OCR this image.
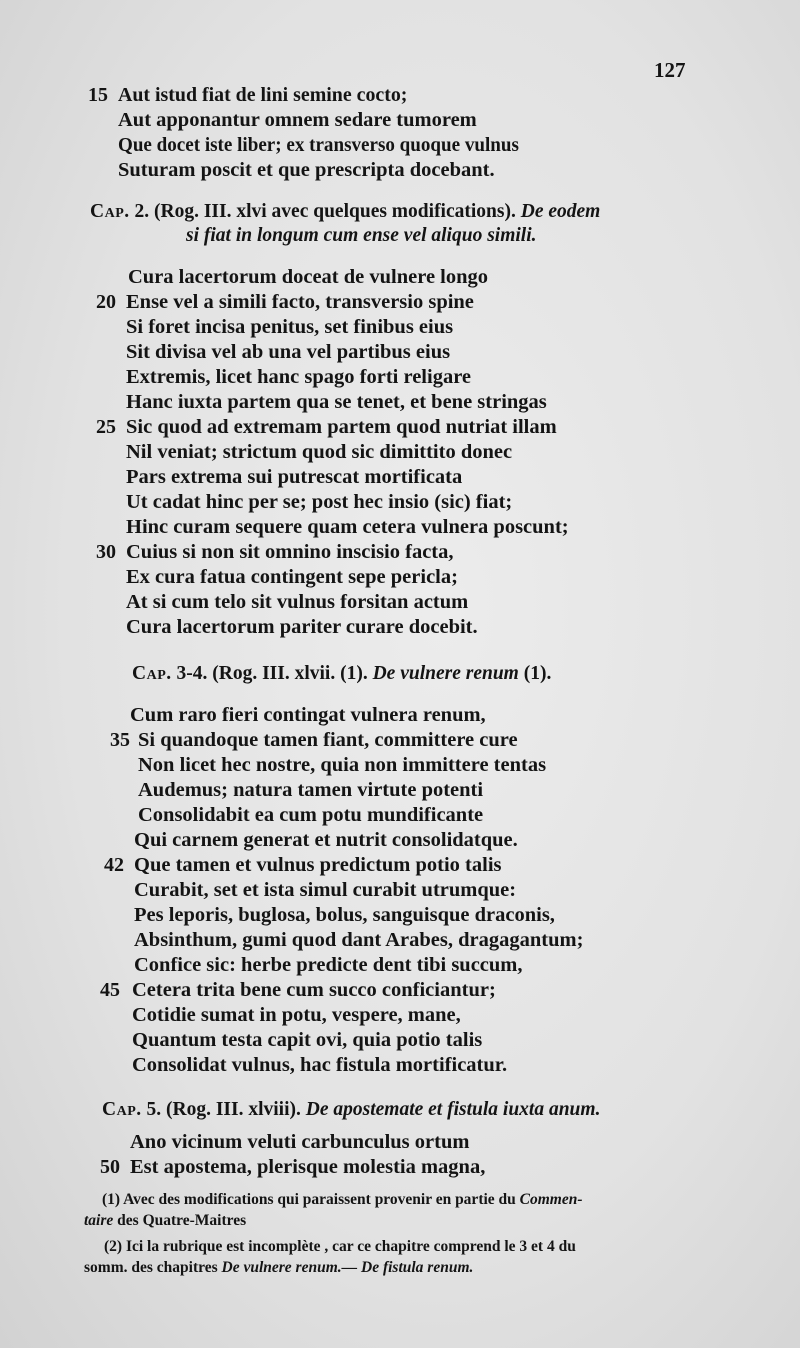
127
15 Aut istud fiat de lini semine cocto;
Aut apponantur omnem sedare tumorem
Que docet iste liber; ex transverso quoque vulnus
Suturam poscit et que prescripta docebant.
Cap. 2. (Rog. III. xlvi avec quelques modifications). De eodem
si fiat in longum cum ense vel aliquo simili.
Cura lacertorum doceat de vulnere longo
20 Ense vel a simili facto, transversio spine
Si foret incisa penitus, set finibus eius
Sit divisa vel ab una vel partibus eius
Extremis, licet hanc spago forti religare
Hanc iuxta partem qua se tenet, et bene stringas
25 Sic quod ad extremam partem quod nutriat illam
Nil veniat; strictum quod sic dimittito donec
Pars extrema sui putrescat mortificata
Ut cadat hinc per se; post hec insio (sic) fiat;
Hinc curam sequere quam cetera vulnera poscunt;
30 Cuius si non sit omnino inscisio facta,
Ex cura fatua contingent sepe pericla;
At si cum telo sit vulnus forsitan actum
Cura lacertorum pariter curare docebit.
Cap. 3-4. (Rog. III. xlvii. (1). De vulnere renum (1).
Cum raro fieri contingat vulnera renum,
35 Si quandoque tamen fiant, committere cure
Non licet hec nostre, quia non immittere tentas
Audemus; natura tamen virtute potenti
Consolidabit ea cum potu mundificante
Qui carnem generat et nutrit consolidatque.
42 Que tamen et vulnus predictum potio talis
Curabit, set et ista simul curabit utrumque:
Pes leporis, buglosa, bolus, sanguisque draconis,
Absinthum, gumi quod dant Arabes, dragagantum;
Confice sic: herbe predicte dent tibi succum,
45 Cetera trita bene cum succo conficiantur;
Cotidie sumat in potu, vespere, mane,
Quantum testa capit ovi, quia potio talis
Consolidat vulnus, hac fistula mortificatur.
Cap. 5. (Rog. III. xlviii). De apostemate et fistula iuxta anum.
Ano vicinum veluti carbunculus ortum
50 Est apostema, plerisque molestia magna,
(1) Avec des modifications qui paraissent provenir en partie du Commen-
taire des Quatre-Maitres
(2) Ici la rubrique est incomplète , car ce chapitre comprend le 3 et 4 du
somm. des chapitres De vulnere renum.— De fistula renum.
